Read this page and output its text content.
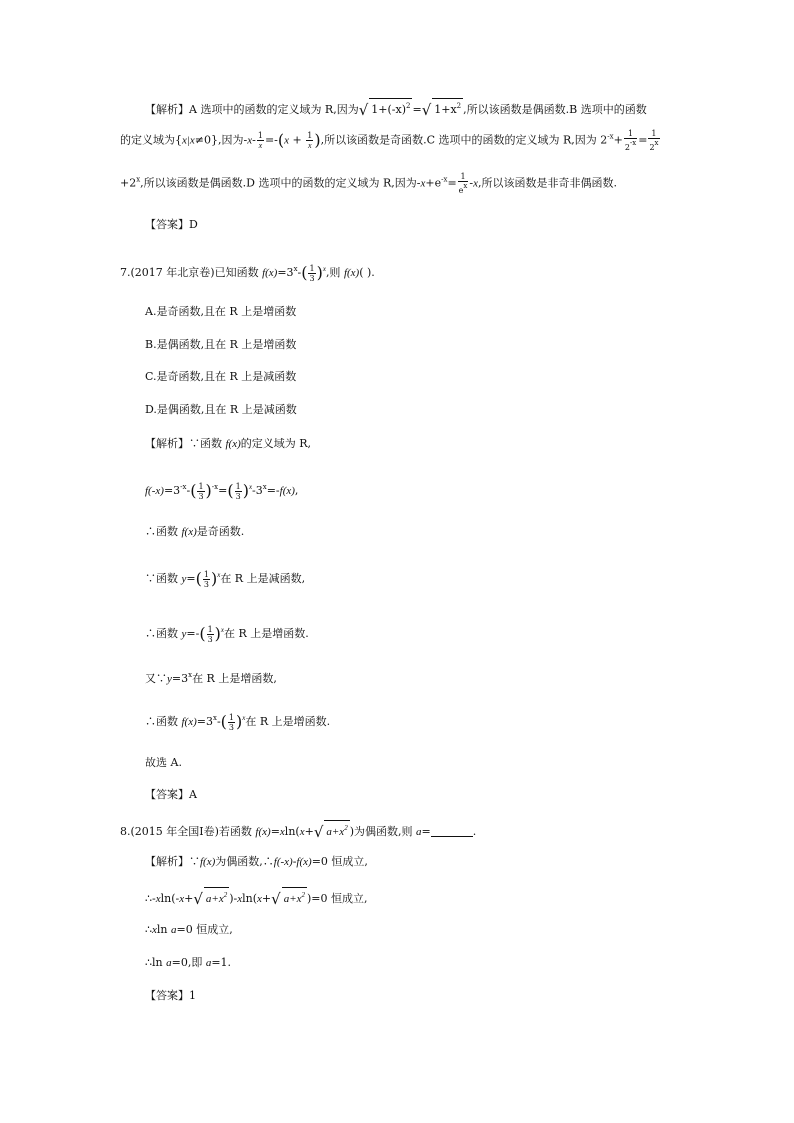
【解析】A 选项中的函数的定义域为 R,因为√ $1+(-x)^2$ =√ $1+x^2$ ,所以该函数是偶函数.B 选项中的函数
的定义域为{x|x≠0},因为$-x- \frac{1}{x} =-(x + \frac{1}{x}$ ),所以该函数是奇函数.C 选项中的函数的定义域为 R,因为 $2^{-x}+ \frac{1}{2-x} = \frac{1}{2x}$
$+2^x$,所以该函数是偶函数.D 选项中的函数的定义域为 R,因为$-x+e^{-x}= \frac{1}{ex} -x$,所以该函数是非奇非偶函数.
【答案】D
7.(2017 年北京卷)已知函数 $f(x)=3^x-( \frac{1}{3} )^x$,则 f(x)( ).
A.是奇函数,且在 R 上是增函数
B.是偶函数,且在 R 上是增函数
C.是奇函数,且在 R 上是减函数
D.是偶函数,且在 R 上是减函数
【解析】∵函数 f(x)的定义域为 R,
$f(-x)=3^{-x}-( \frac{1}{3} )^{-x}=( \frac{1}{3} )^x-3^x=-f(x)$,
∴函数 f(x)是奇函数.
∵函数 $y=( \frac{1}{3} )^x$在 R 上是减函数,
∴函数 $y=-( \frac{1}{3} )^x$在 R 上是增函数.
又$\because y=3^x$在 R 上是增函数,
∴函数 $f(x)=3^x-( \frac{1}{3} )^x$在 R 上是增函数.
故选 A.
【答案】A
8.(2015 年全国Ⅰ卷)若函数 f(x)=xln(x+√ $a+x^2$ )为偶函数,则 a=	.
【解析】∵f(x)为偶函数,∴f(-x)-f(x)=0 恒成立,
∴-xln(-x+√ $a+x^2$ )-xln(x+√ $a+x^2$ )=0 恒成立,
∴xln a=0 恒成立,
∴ln a=0,即 a=1.
【答案】1
